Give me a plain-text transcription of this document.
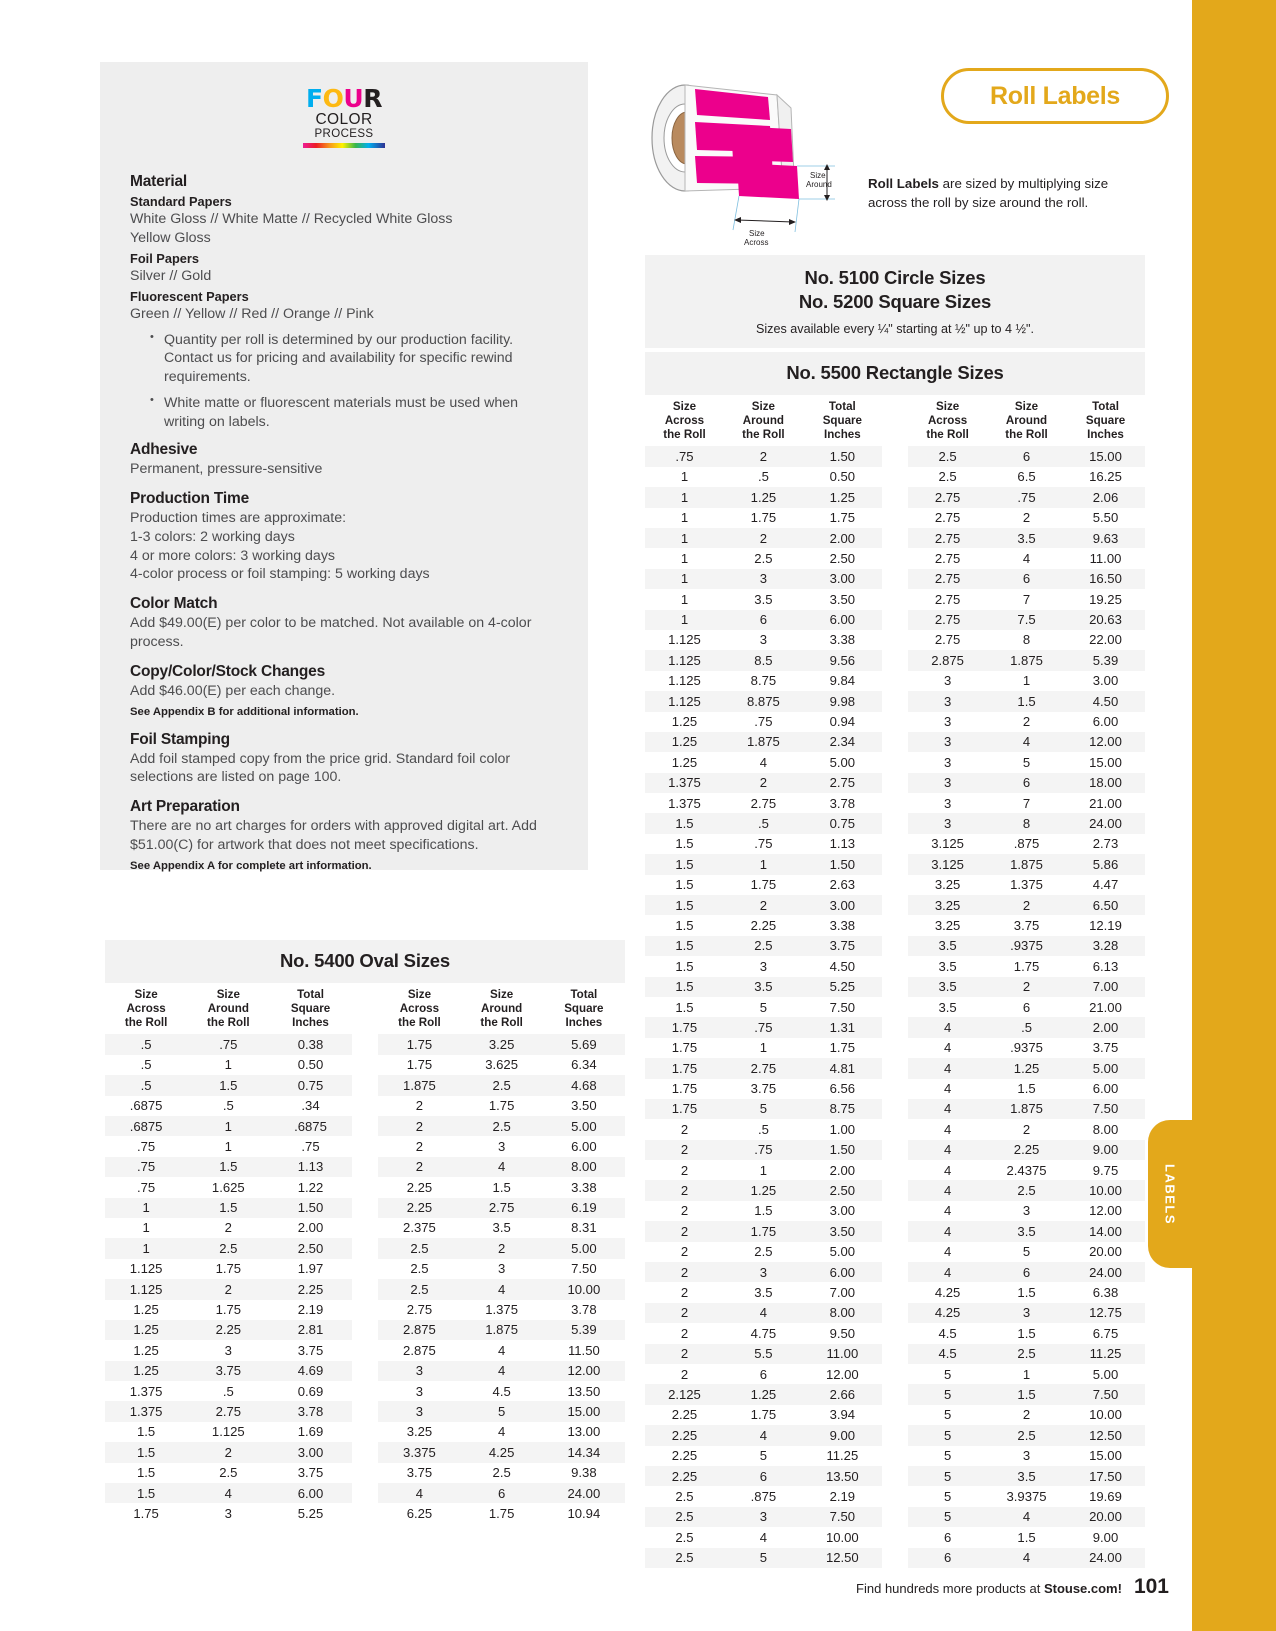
LABELS
FOUR
COLOR
PROCESS
Material
Standard Papers

White Gloss // White Matte // Recycled White Gloss

Yellow Gloss

Foil Papers

Silver // Gold

Fluorescent Papers

Green // Yellow // Red // Orange // Pink

• Quantity per roll is determined by our production facility. Contact us for pricing and availability for specific rewind requirements.
• White matte or fluorescent materials must be used when writing on labels.
Adhesive

Permanent, pressure-sensitive

Production Time

Production times are approximate:

1-3 colors: 2 working days

4 or more colors: 3 working days

4-color process or foil stamping: 5 working days

Color Match

Add $49.00(E) per color to be matched. Not available on 4-color process.

Copy/Color/Stock Changes

Add $46.00(E) per each change.

See Appendix B for additional information.

Foil Stamping

Add foil stamped copy from the price grid. Standard foil color selections are listed on page 100.

Art Preparation

There are no art charges for orders with approved digital art. Add $51.00(C) for artwork that does not meet specifications.

See Appendix A for complete art information.

Size
Around
Size
Across
Roll Labels

Roll Labels are sized by multiplying size across the roll by size around the roll.

No. 5100 Circle Sizes
No. 5200 Square Sizes

Sizes available every ¼" starting at ½" up to 4 ½".

No. 5500 Rectangle Sizes
Size
Across
the Roll

Size
Around
the Roll

Total
Square
Inches

Size
Across
the Roll

Size
Around
the Roll

Total
Square
Inches

.75	2	1.50		2.5	6	15.00
1	.5	0.50		2.5	6.5	16.25
1	1.25	1.25		2.75	.75	2.06
1	1.75	1.75		2.75	2	5.50
1	2	2.00		2.75	3.5	9.63
1	2.5	2.50		2.75	4	11.00
1	3	3.00		2.75	6	16.50
1	3.5	3.50		2.75	7	19.25
1	6	6.00		2.75	7.5	20.63
1.125	3	3.38		2.75	8	22.00
1.125	8.5	9.56		2.875	1.875	5.39
1.125	8.75	9.84		3	1	3.00
1.125	8.875	9.98		3	1.5	4.50
1.25	.75	0.94		3	2	6.00
1.25	1.875	2.34		3	4	12.00
1.25	4	5.00		3	5	15.00
1.375	2	2.75		3	6	18.00
1.375	2.75	3.78		3	7	21.00
1.5	.5	0.75		3	8	24.00
1.5	.75	1.13		3.125	.875	2.73
1.5	1	1.50		3.125	1.875	5.86
1.5	1.75	2.63		3.25	1.375	4.47
1.5	2	3.00		3.25	2	6.50
1.5	2.25	3.38		3.25	3.75	12.19
1.5	2.5	3.75		3.5	.9375	3.28
1.5	3	4.50		3.5	1.75	6.13
1.5	3.5	5.25		3.5	2	7.00
1.5	5	7.50		3.5	6	21.00
1.75	.75	1.31		4	.5	2.00
1.75	1	1.75		4	.9375	3.75
1.75	2.75	4.81		4	1.25	5.00
1.75	3.75	6.56		4	1.5	6.00
1.75	5	8.75		4	1.875	7.50
2	.5	1.00		4	2	8.00
2	.75	1.50		4	2.25	9.00
2	1	2.00		4	2.4375	9.75
2	1.25	2.50		4	2.5	10.00
2	1.5	3.00		4	3	12.00
2	1.75	3.50		4	3.5	14.00
2	2.5	5.00		4	5	20.00
2	3	6.00		4	6	24.00
2	3.5	7.00		4.25	1.5	6.38
2	4	8.00		4.25	3	12.75
2	4.75	9.50		4.5	1.5	6.75
2	5.5	11.00		4.5	2.5	11.25
2	6	12.00		5	1	5.00
2.125	1.25	2.66		5	1.5	7.50
2.25	1.75	3.94		5	2	10.00
2.25	4	9.00		5	2.5	12.50
2.25	5	11.25		5	3	15.00
2.25	6	13.50		5	3.5	17.50
2.5	.875	2.19		5	3.9375	19.69
2.5	3	7.50		5	4	20.00
2.5	4	10.00		6	1.5	9.00
2.5	5	12.50		6	4	24.00
No. 5400 Oval Sizes
Size
Across
the Roll

Size
Around
the Roll

Total
Square
Inches

Size
Across
the Roll

Size
Around
the Roll

Total
Square
Inches

.5	.75	0.38		1.75	3.25	5.69
.5	1	0.50		1.75	3.625	6.34
.5	1.5	0.75		1.875	2.5	4.68
.6875	.5	.34		2	1.75	3.50
.6875	1	.6875		2	2.5	5.00
.75	1	.75		2	3	6.00
.75	1.5	1.13		2	4	8.00
.75	1.625	1.22		2.25	1.5	3.38
1	1.5	1.50		2.25	2.75	6.19
1	2	2.00		2.375	3.5	8.31
1	2.5	2.50		2.5	2	5.00
1.125	1.75	1.97		2.5	3	7.50
1.125	2	2.25		2.5	4	10.00
1.25	1.75	2.19		2.75	1.375	3.78
1.25	2.25	2.81		2.875	1.875	5.39
1.25	3	3.75		2.875	4	11.50
1.25	3.75	4.69		3	4	12.00
1.375	.5	0.69		3	4.5	13.50
1.375	2.75	3.78		3	5	15.00
1.5	1.125	1.69		3.25	4	13.00
1.5	2	3.00		3.375	4.25	14.34
1.5	2.5	3.75		3.75	2.5	9.38
1.5	4	6.00		4	6	24.00
1.75	3	5.25		6.25	1.75	10.94
Find hundreds more products at Stouse.com! 101
